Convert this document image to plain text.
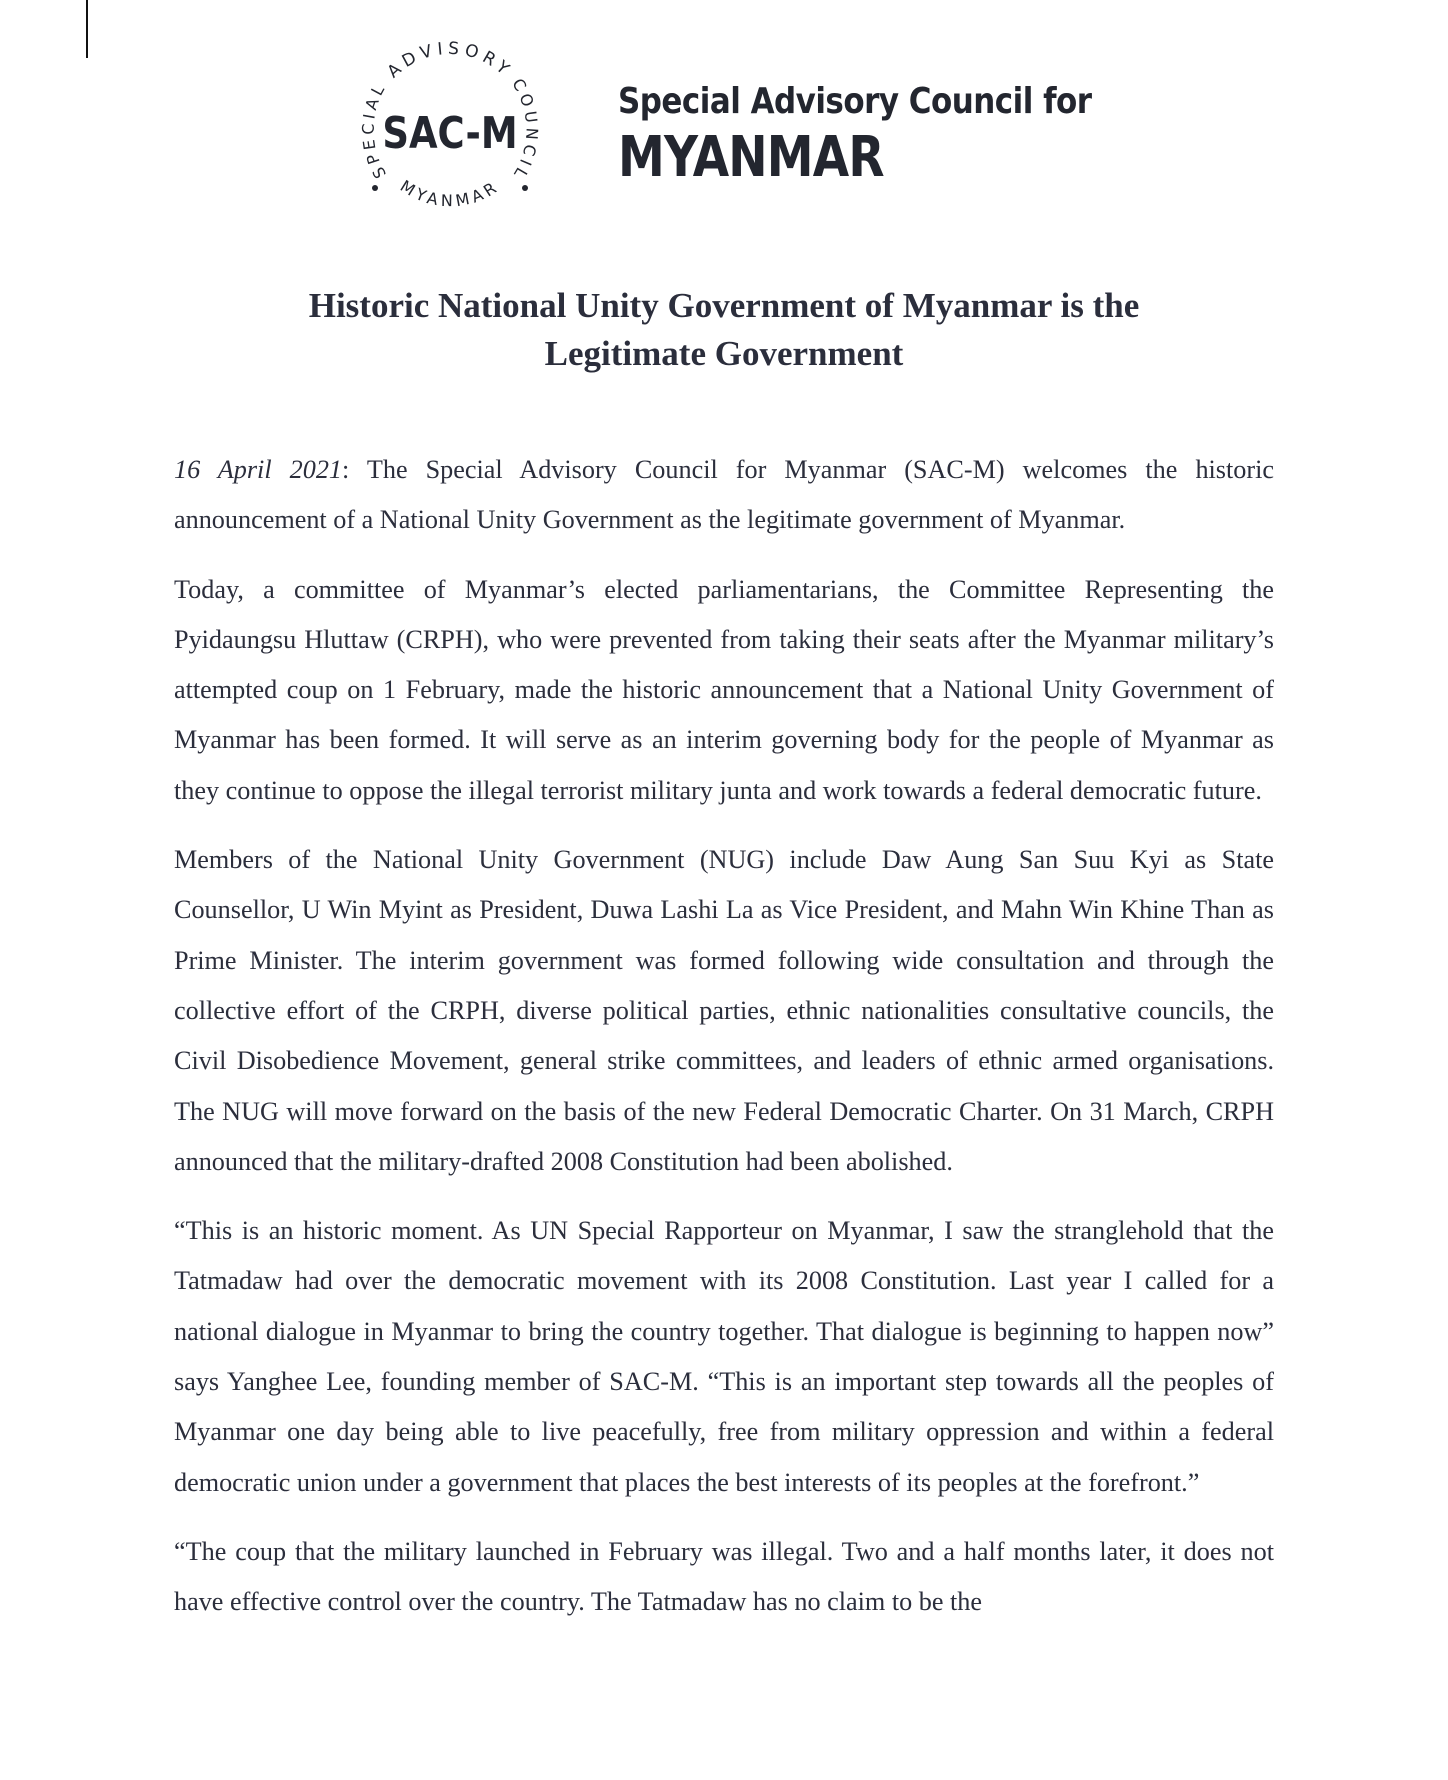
ADVISORY
SPECIAL	COUNCIL
MYANMAR
SAC-M
Special Advisory Council for
MYANMAR
Historic National Unity Government of Myanmar is the
Legitimate Government

16 April 2021: The Special Advisory Council for Myanmar (SAC-M) welcomes the historic announcement of a National Unity Government as the legitimate government of Myanmar.

Today, a committee of Myanmar’s elected parliamentarians, the Committee Representing the Pyidaungsu Hluttaw (CRPH), who were prevented from taking their seats after the Myanmar military’s attempted coup on 1 February, made the historic announcement that a National Unity Government of Myanmar has been formed. It will serve as an interim governing body for the people of Myanmar as they continue to oppose the illegal terrorist military junta and work towards a federal democratic future.

Members of the National Unity Government (NUG) include Daw Aung San Suu Kyi as State Counsellor, U Win Myint as President, Duwa Lashi La as Vice President, and Mahn Win Khine Than as Prime Minister. The interim government was formed following wide consultation and through the collective effort of the CRPH, diverse political parties, ethnic nationalities consultative councils, the Civil Disobedience Movement, general strike committees, and leaders of ethnic armed organisations. The NUG will move forward on the basis of the new Federal Democratic Charter. On 31 March, CRPH announced that the military-drafted 2008 Constitution had been abolished.

“This is an historic moment. As UN Special Rapporteur on Myanmar, I saw the stranglehold that the Tatmadaw had over the democratic movement with its 2008 Constitution. Last year I called for a national dialogue in Myanmar to bring the country together. That dialogue is beginning to happen now” says Yanghee Lee, founding member of SAC-M. “This is an important step towards all the peoples of Myanmar one day being able to live peacefully, free from military oppression and within a federal democratic union under a government that places the best interests of its peoples at the forefront.”

“The coup that the military launched in February was illegal. Two and a half months later, it does not have effective control over the country. The Tatmadaw has no claim to be the
